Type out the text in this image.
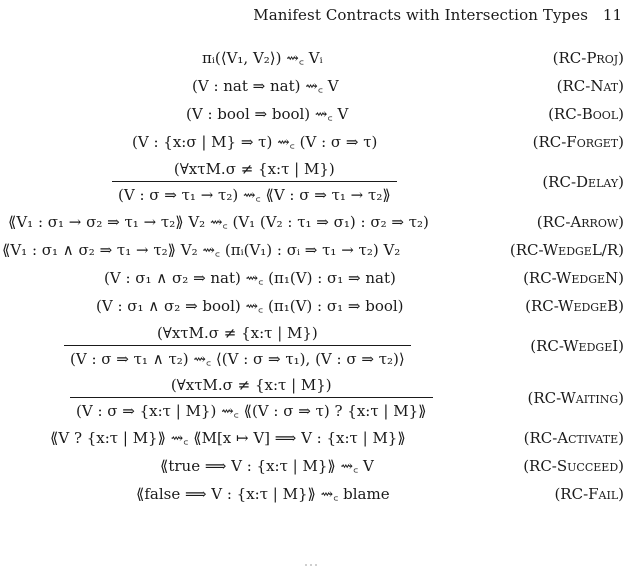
Manifest Contracts with Intersection Types 11
πᵢ(⟨V₁, V₂⟩) ⇝꜀ Vᵢ	(RC-Proj)
(V : nat ⇒ nat) ⇝꜀ V	(RC-Nat)
(V : bool ⇒ bool) ⇝꜀ V	(RC-Bool)
(V : {x:σ | M} ⇒ τ) ⇝꜀ (V : σ ⇒ τ)	(RC-Forget)
$\frac{\text{(∀xτM.σ ≠ \{x:τ | M\})}}{\text{(V : σ ⇒ τ₁ → τ₂) ⇝꜀ ⟪V : σ ⇒ τ₁ → τ₂⟫}}$	(RC-Delay)
⟪V₁ : σ₁ → σ₂ ⇒ τ₁ → τ₂⟫ V₂ ⇝꜀ (V₁ (V₂ : τ₁ ⇒ σ₁) : σ₂ ⇒ τ₂)	(RC-Arrow)
⟪V₁ : σ₁ ∧ σ₂ ⇒ τ₁ → τ₂⟫ V₂ ⇝꜀ (πᵢ(V₁) : σᵢ ⇒ τ₁ → τ₂) V₂	(RC-WedgeL/R)
(V : σ₁ ∧ σ₂ ⇒ nat) ⇝꜀ (π₁(V) : σ₁ ⇒ nat)	(RC-WedgeN)
(V : σ₁ ∧ σ₂ ⇒ bool) ⇝꜀ (π₁(V) : σ₁ ⇒ bool)	(RC-WedgeB)
$\frac{\text{(∀xτM.σ ≠ \{x:τ | M\})}}{\text{(V : σ ⇒ τ₁ ∧ τ₂) ⇝꜀ ⟨(V : σ ⇒ τ₁), (V : σ ⇒ τ₂)⟩}}$	(RC-WedgeI)
$\frac{\text{(∀xτM.σ ≠ \{x:τ | M\})}}{(V : \sigma \Rightarrow \{x:\tau | M\}) ⇝꜀ ⟪(V : \sigma \Rightarrow \tau) ? \{x:\tau | M\}⟫}$	(RC-Waiting)
⟪V ? {x:τ | M}⟫ ⇝꜀ ⟪M[x ↦ V] ⟹ V : {x:τ | M}⟫	(RC-Activate)
⟪true ⟹ V : {x:τ | M}⟫ ⇝꜀ V	(RC-Succeed)
⟪false ⟹ V : {x:τ | M}⟫ ⇝꜀ blame	(RC-Fail)
